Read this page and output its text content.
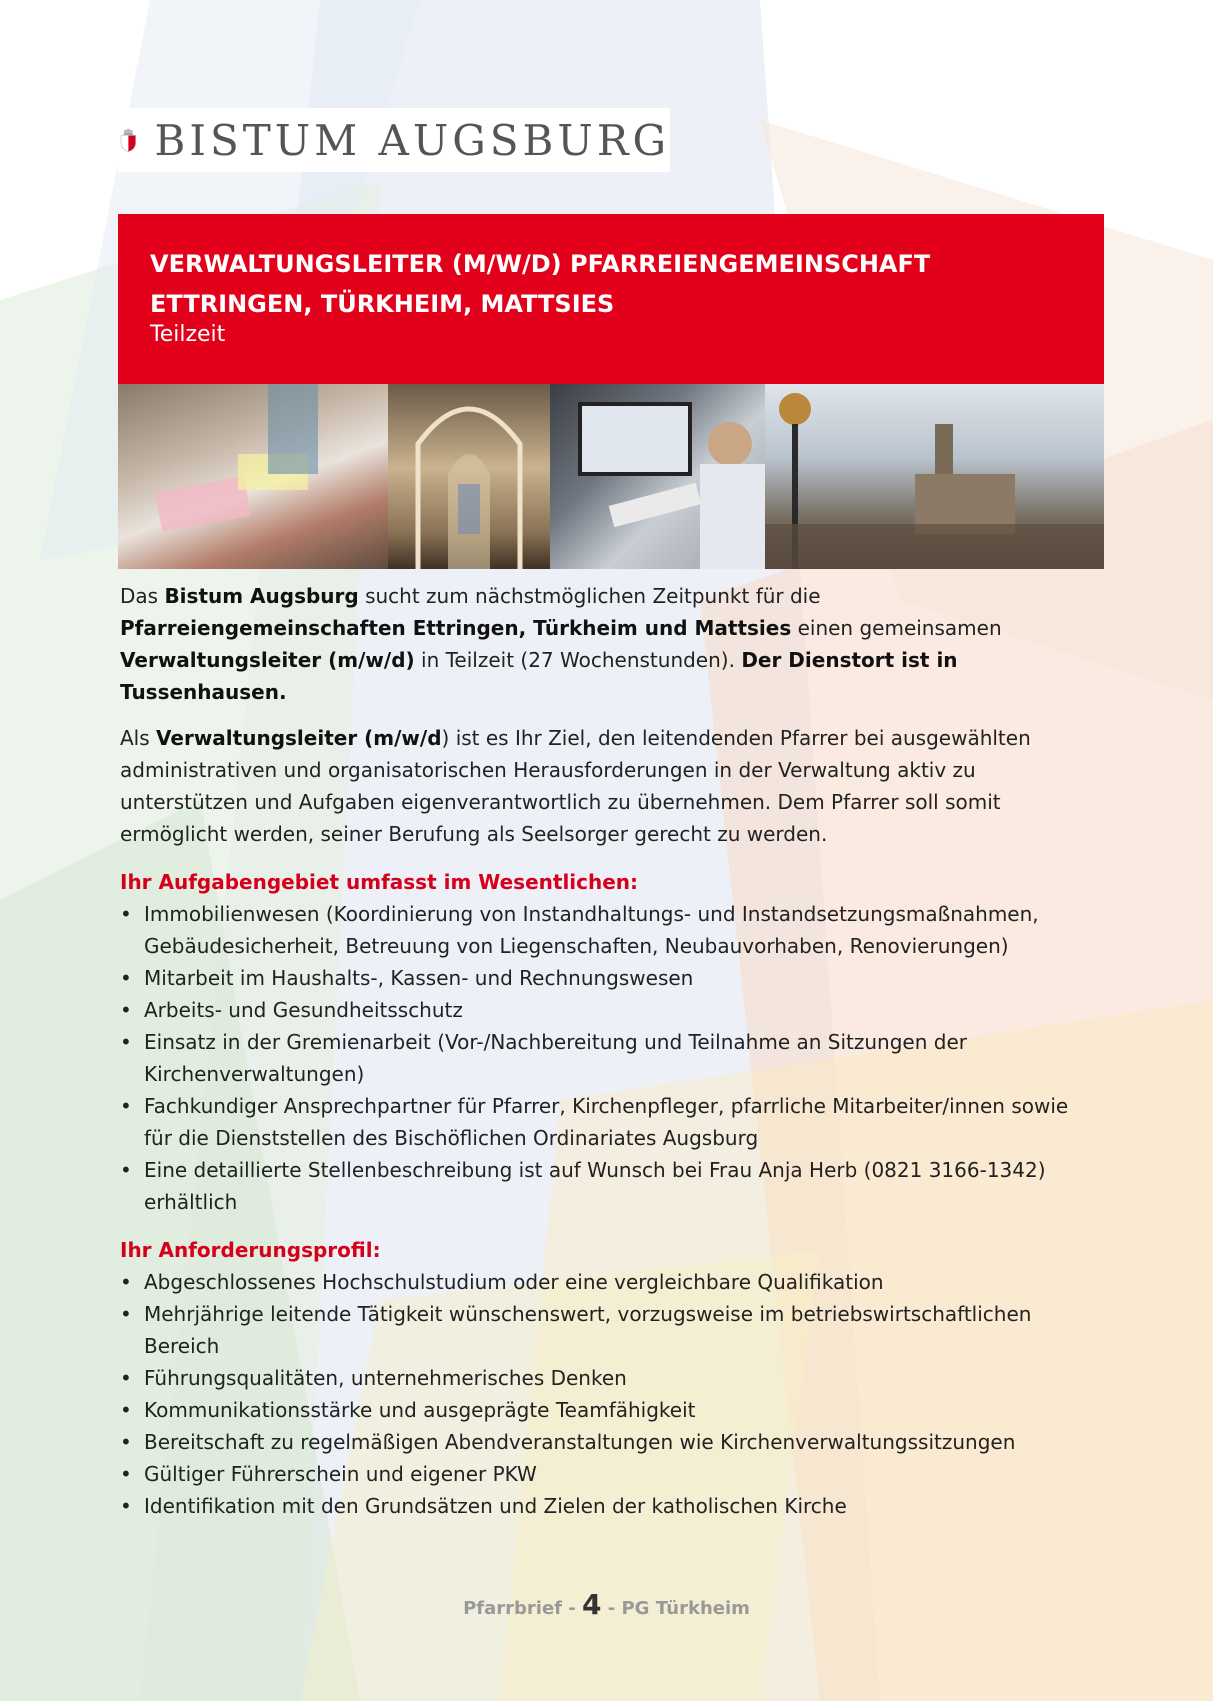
BISTUM AUGSBURG
VERWALTUNGSLEITER (M/W/D) PFARREIENGEMEINSCHAFT ETTRINGEN, TÜRKHEIM, MATTSIES
Teilzeit

Das Bistum Augsburg sucht zum nächstmöglichen Zeitpunkt für die Pfarreiengemeinschaften Ettringen, Türkheim und Mattsies einen gemeinsamen Verwaltungsleiter (m/w/d) in Teilzeit (27 Wochenstunden). Der Dienstort ist in Tussenhausen.

Als Verwaltungsleiter (m/w/d) ist es Ihr Ziel, den leitendenden Pfarrer bei ausgewählten administrativen und organisatorischen Herausforderungen in der Verwaltung aktiv zu unterstützen und Aufgaben eigenverantwortlich zu übernehmen. Dem Pfarrer soll somit ermöglicht werden, seiner Berufung als Seelsorger gerecht zu werden.

Ihr Aufgabengebiet umfasst im Wesentlichen:
• Immobilienwesen (Koordinierung von Instandhaltungs- und Instandsetzungsmaßnahmen, Gebäudesicherheit, Betreuung von Liegenschaften, Neubauvorhaben, Renovierungen)
• Mitarbeit im Haushalts-, Kassen- und Rechnungswesen
• Arbeits- und Gesundheitsschutz
• Einsatz in der Gremienarbeit (Vor-/Nachbereitung und Teilnahme an Sitzungen der Kirchenverwaltungen)
• Fachkundiger Ansprechpartner für Pfarrer, Kirchenpfleger, pfarrliche Mitarbeiter/innen sowie für die Dienststellen des Bischöflichen Ordinariates Augsburg
• Eine detaillierte Stellenbeschreibung ist auf Wunsch bei Frau Anja Herb (0821 3166-1342) erhältlich
Ihr Anforderungsprofil:
• Abgeschlossenes Hochschulstudium oder eine vergleichbare Qualifikation
• Mehrjährige leitende Tätigkeit wünschenswert, vorzugsweise im betriebswirtschaftlichen Bereich
• Führungsqualitäten, unternehmerisches Denken
• Kommunikationsstärke und ausgeprägte Teamfähigkeit
• Bereitschaft zu regelmäßigen Abendveranstaltungen wie Kirchenverwaltungssitzungen
• Gültiger Führerschein und eigener PKW
• Identifikation mit den Grundsätzen und Zielen der katholischen Kirche
Pfarrbrief - 4 - PG Türkheim
